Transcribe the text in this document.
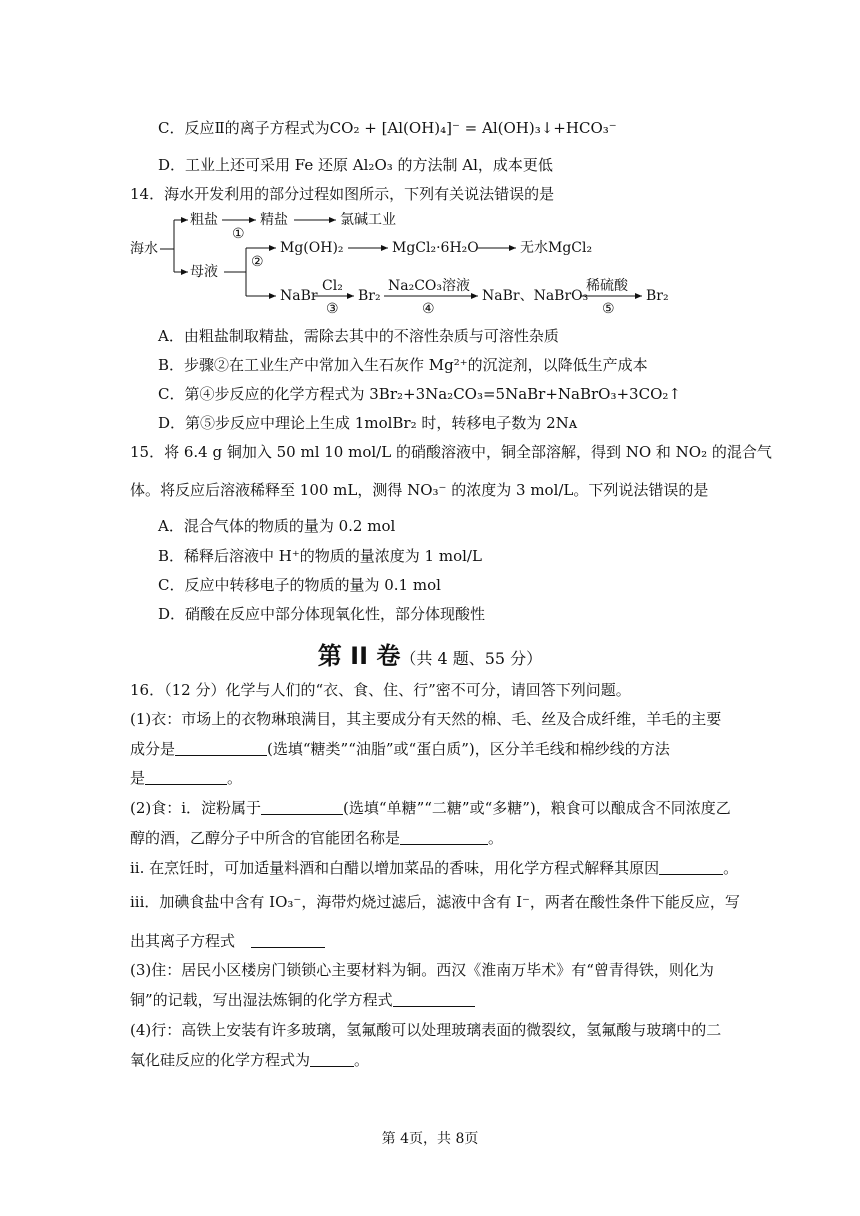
C．反应Ⅱ的离子方程式为CO₂ + [Al(OH)₄]⁻ = Al(OH)₃↓+HCO₃⁻
D．工业上还可采用 Fe 还原 Al₂O₃ 的方法制 Al，成本更低
14．海水开发利用的部分过程如图所示，下列有关说法错误的是
海水
粗盐
①
精盐	氯碱工业
母液
②
Mg(OH)₂	MgCl₂·6H₂O	无水MgCl₂
NaBr
Cl₂
③
Br₂
Na₂CO₃溶液
④
NaBr、NaBrO₃
稀硫酸
⑤
Br₂
A．由粗盐制取精盐，需除去其中的不溶性杂质与可溶性杂质
B．步骤②在工业生产中常加入生石灰作 Mg²⁺的沉淀剂，以降低生产成本
C．第④步反应的化学方程式为 3Br₂+3Na₂CO₃=5NaBr+NaBrO₃+3CO₂↑
D．第⑤步反应中理论上生成 1molBr₂ 时，转移电子数为 2Nᴀ
15．将 6.4 g 铜加入 50 ml 10 mol/L 的硝酸溶液中，铜全部溶解，得到 NO 和 NO₂ 的混合气
体。将反应后溶液稀释至 100 mL，测得 NO₃⁻ 的浓度为 3 mol/L。下列说法错误的是
A．混合气体的物质的量为 0.2 mol
B．稀释后溶液中 H⁺的物质的量浓度为 1 mol/L
C．反应中转移电子的物质的量为 0.1 mol
D．硝酸在反应中部分体现氧化性，部分体现酸性
第 II 卷（共 4 题、55 分）
16．（12 分）化学与人们的“衣、食、住、行”密不可分，请回答下列问题。
(1)衣：市场上的衣物琳琅满目，其主要成分有天然的棉、毛、丝及合成纤维，羊毛的主要
成分是	(选填“糖类”“油脂”或“蛋白质”)，区分羊毛线和棉纱线的方法
是	。
(2)食：i．淀粉属于	(选填“单糖”“二糖”或“多糖”)，粮食可以酿成含不同浓度乙
醇的酒，乙醇分子中所含的官能团名称是	。
ii. 在烹饪时，可加适量料酒和白醋以增加菜品的香味，用化学方程式解释其原因	。
iii．加碘食盐中含有 IO₃⁻，海带灼烧过滤后，滤液中含有 I⁻，两者在酸性条件下能反应，写
出其离子方程式
(3)住：居民小区楼房门锁锁心主要材料为铜。西汉《淮南万毕术》有“曾青得铁，则化为
铜”的记载，写出湿法炼铜的化学方程式
(4)行：高铁上安装有许多玻璃，氢氟酸可以处理玻璃表面的微裂纹，氢氟酸与玻璃中的二
氧化硅反应的化学方程式为	。
第 4页，共 8页
